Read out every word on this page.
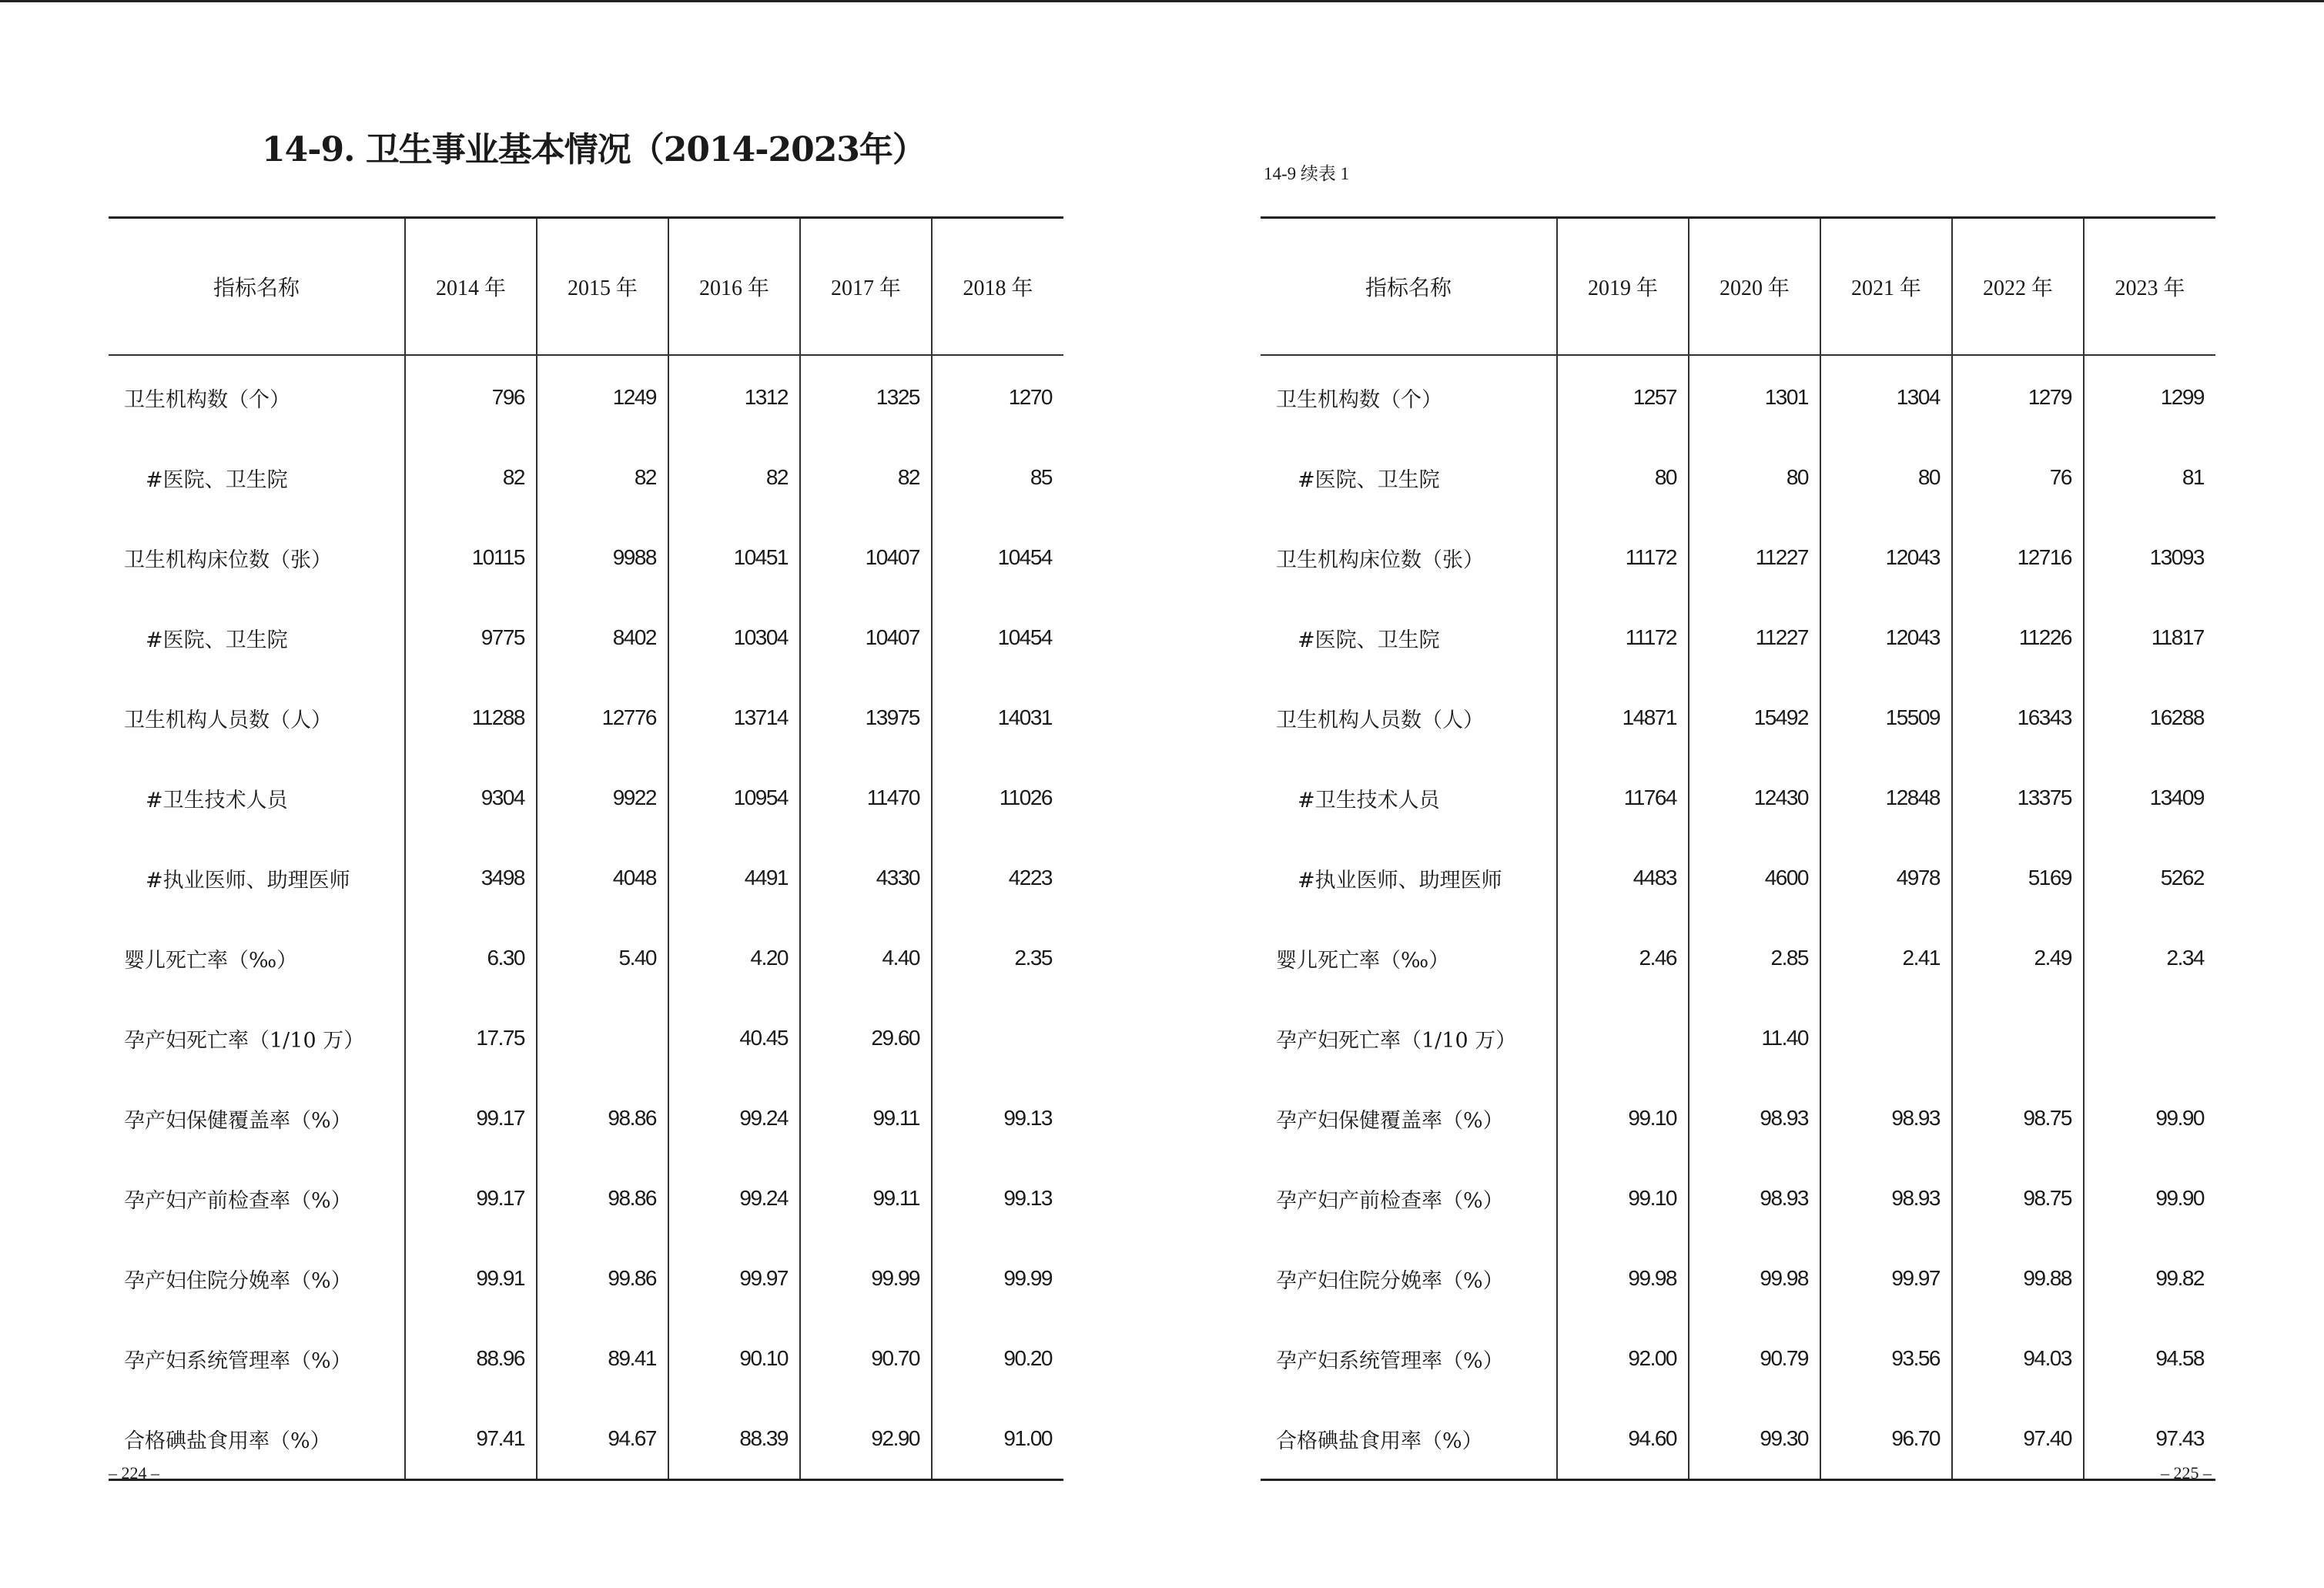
14-9. 卫生事业基本情况（2014-2023年）
14-9 续表 1
指标名称	2014 年	2015 年	2016 年	2017 年	2018 年
卫生机构数（个）	796	1249	1312	1325	1270
#医院、卫生院	82	82	82	82	85
卫生机构床位数（张）	10115	9988	10451	10407	10454
#医院、卫生院	9775	8402	10304	10407	10454
卫生机构人员数（人）	11288	12776	13714	13975	14031
#卫生技术人员	9304	9922	10954	11470	11026
#执业医师、助理医师	3498	4048	4491	4330	4223
婴儿死亡率（‰）	6.30	5.40	4.20	4.40	2.35
孕产妇死亡率（1/10 万）	17.75		40.45	29.60	
孕产妇保健覆盖率（%）	99.17	98.86	99.24	99.11	99.13
孕产妇产前检查率（%）	99.17	98.86	99.24	99.11	99.13
孕产妇住院分娩率（%）	99.91	99.86	99.97	99.99	99.99
孕产妇系统管理率（%）	88.96	89.41	90.10	90.70	90.20
合格碘盐食用率（%）	97.41	94.67	88.39	92.90	91.00
指标名称	2019 年	2020 年	2021 年	2022 年	2023 年
卫生机构数（个）	1257	1301	1304	1279	1299
#医院、卫生院	80	80	80	76	81
卫生机构床位数（张）	11172	11227	12043	12716	13093
#医院、卫生院	11172	11227	12043	11226	11817
卫生机构人员数（人）	14871	15492	15509	16343	16288
#卫生技术人员	11764	12430	12848	13375	13409
#执业医师、助理医师	4483	4600	4978	5169	5262
婴儿死亡率（‰）	2.46	2.85	2.41	2.49	2.34
孕产妇死亡率（1/10 万）		11.40			
孕产妇保健覆盖率（%）	99.10	98.93	98.93	98.75	99.90
孕产妇产前检查率（%）	99.10	98.93	98.93	98.75	99.90
孕产妇住院分娩率（%）	99.98	99.98	99.97	99.88	99.82
孕产妇系统管理率（%）	92.00	90.79	93.56	94.03	94.58
合格碘盐食用率（%）	94.60	99.30	96.70	97.40	97.43
– 224 –	– 225 –
